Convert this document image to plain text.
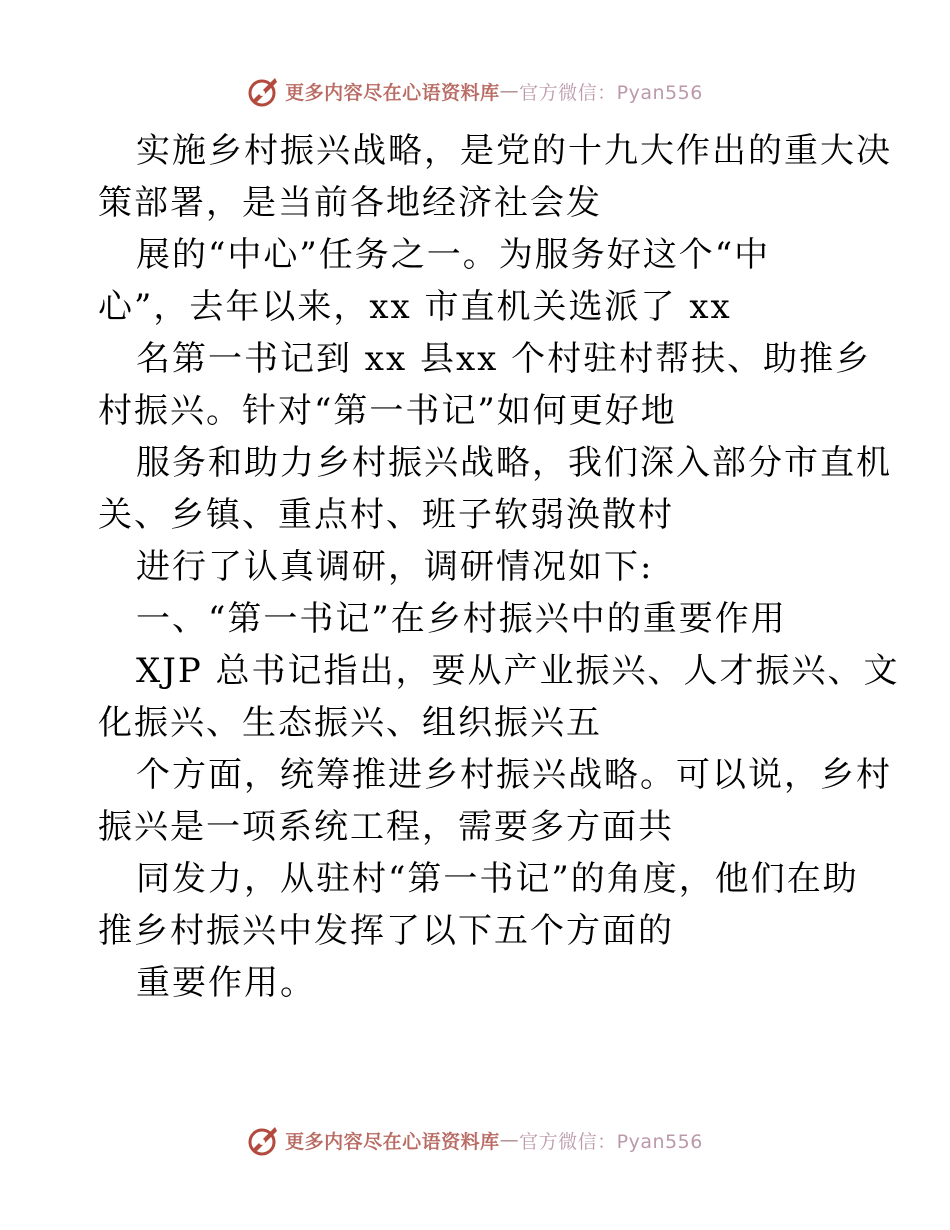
更多内容尽在心语资料库 — 官方微信：Pyan556
实施乡村振兴战略，是党的十九大作出的重大决
策部署，是当前各地经济社会发
展的“中心”任务之一。为服务好这个“中
心”，去年以来，xx 市直机关选派了 xx
名第一书记到 xx 县xx 个村驻村帮扶、助推乡
村振兴。针对“第一书记”如何更好地
服务和助力乡村振兴战略，我们深入部分市直机
关、乡镇、重点村、班子软弱涣散村
进行了认真调研，调研情况如下:
一、“第一书记”在乡村振兴中的重要作用
XJP 总书记指出，要从产业振兴、人才振兴、文
化振兴、生态振兴、组织振兴五
个方面，统筹推进乡村振兴战略。可以说，乡村
振兴是一项系统工程，需要多方面共
同发力，从驻村“第一书记”的角度，他们在助
推乡村振兴中发挥了以下五个方面的
重要作用。
更多内容尽在心语资料库 — 官方微信：Pyan556
